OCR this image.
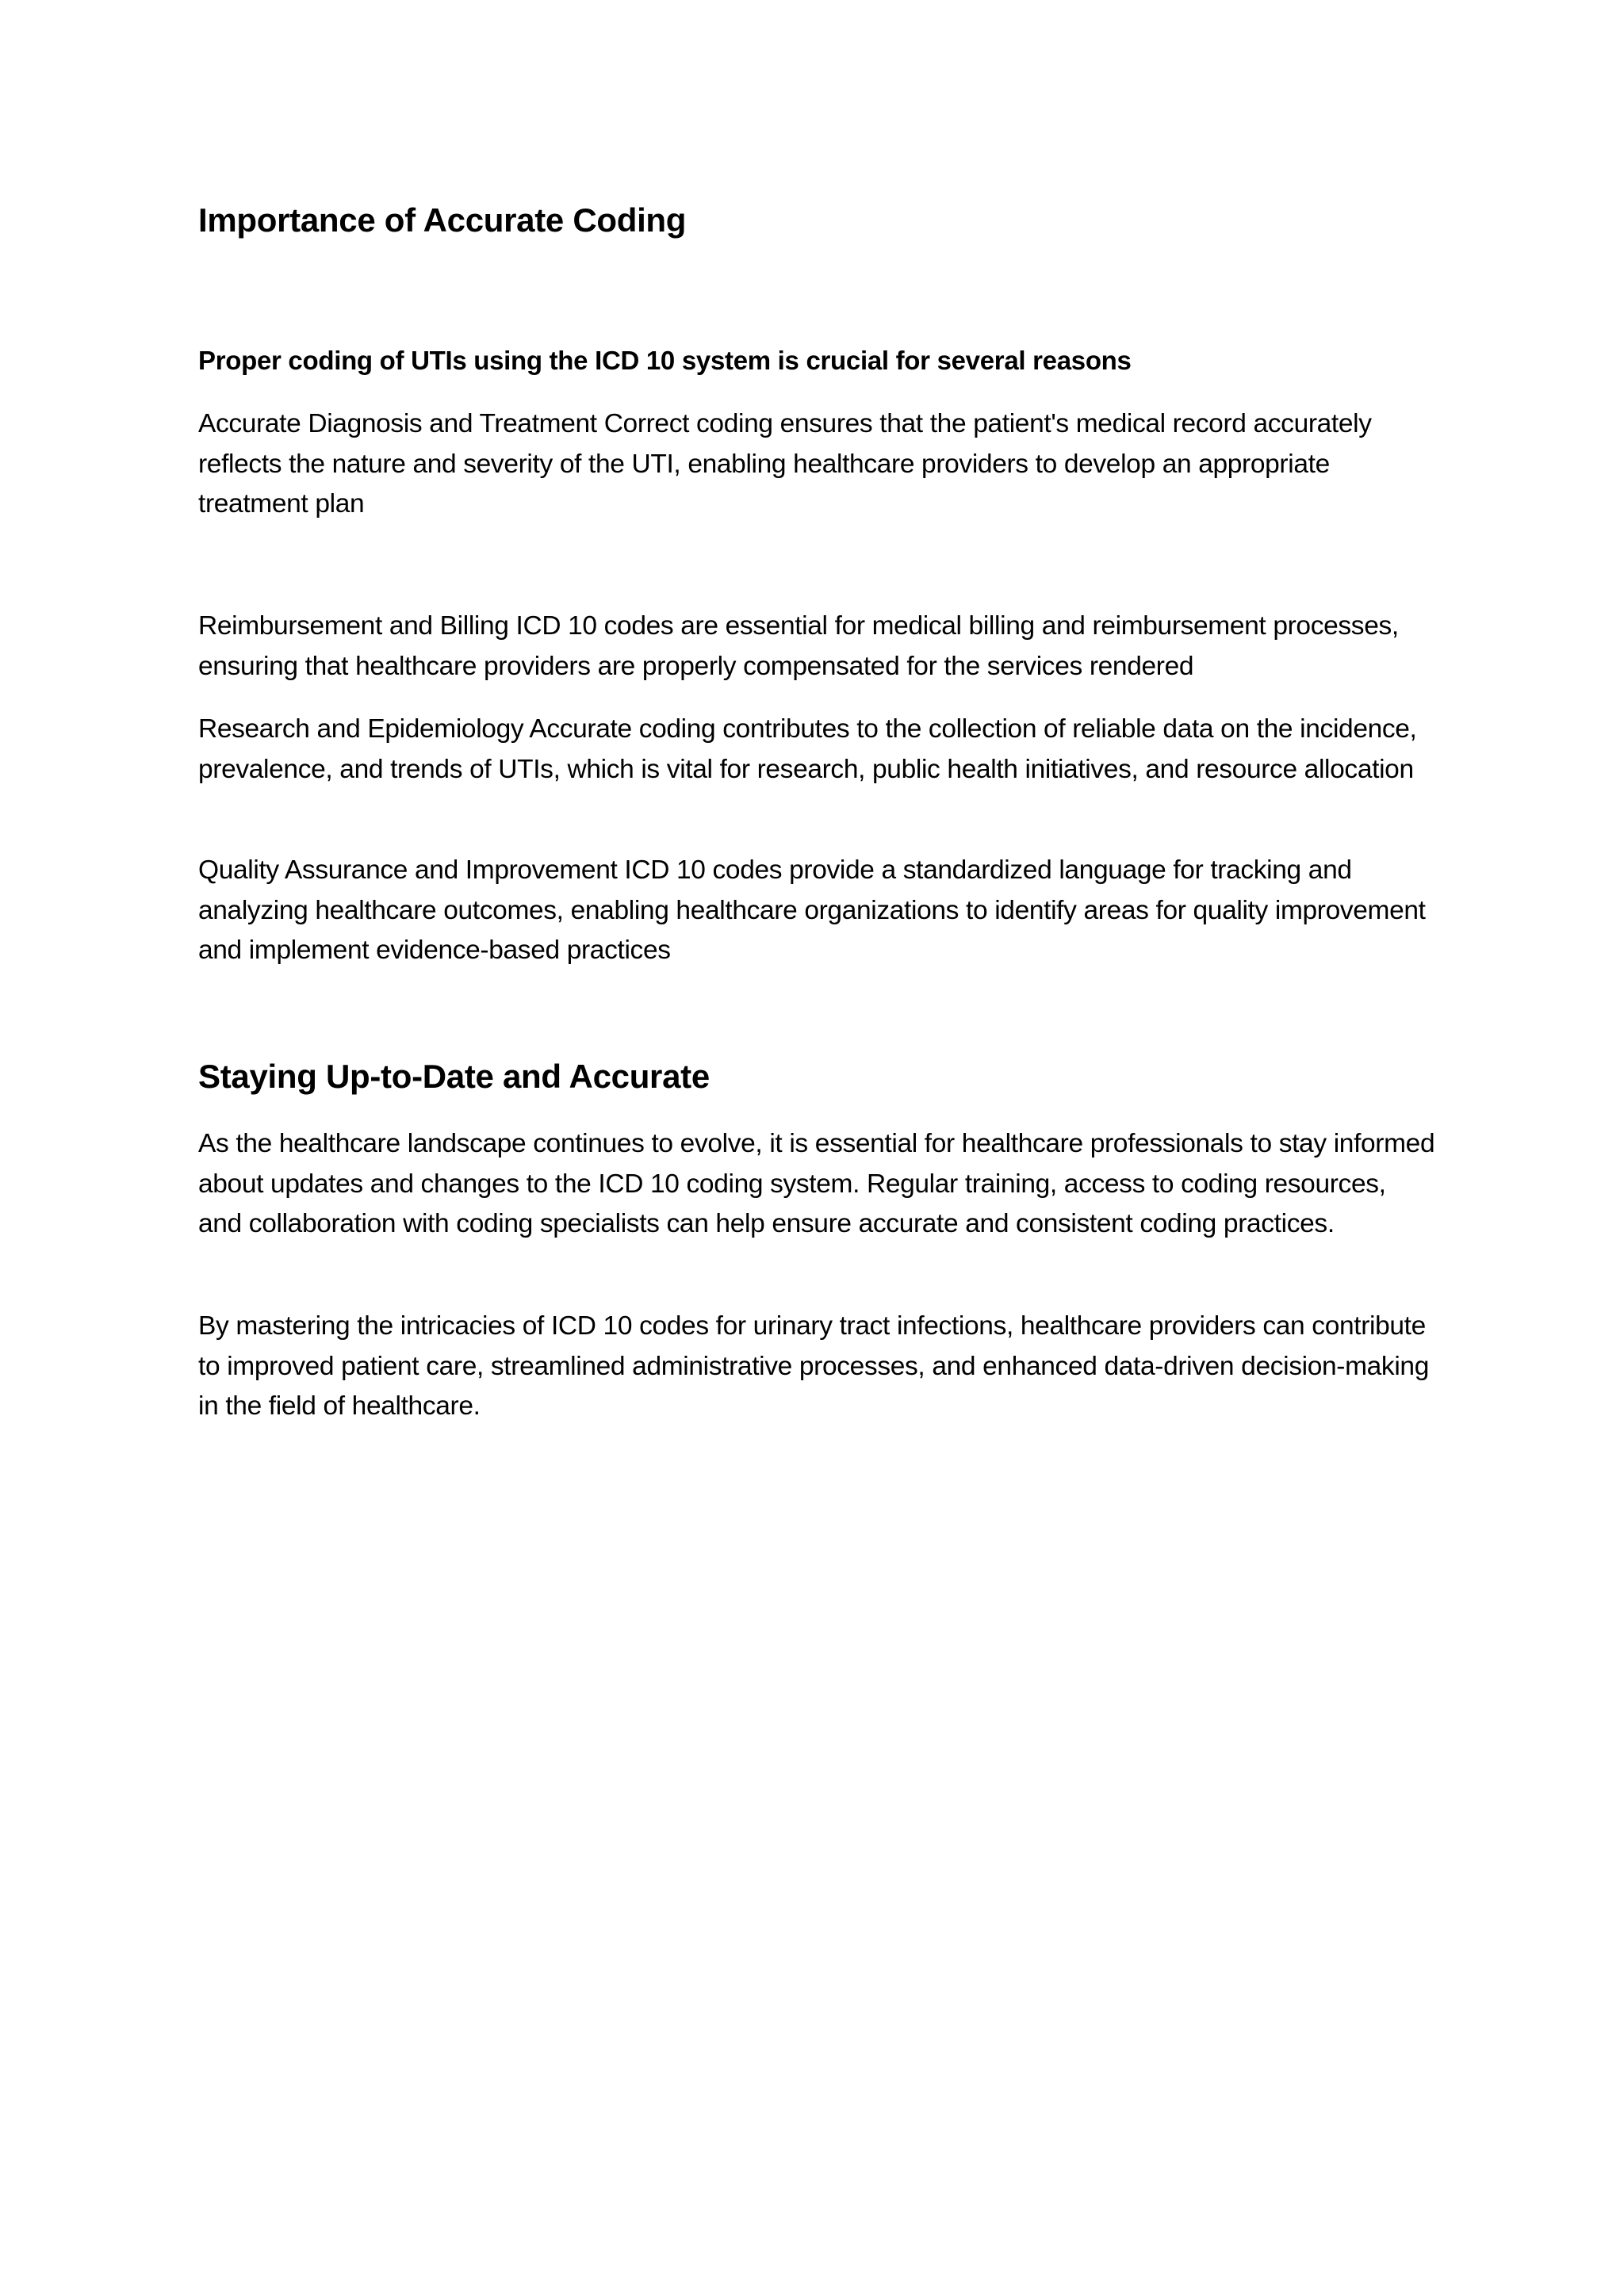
Importance of Accurate Coding
Proper coding of UTIs using the ICD 10 system is crucial for several reasons

Accurate Diagnosis and Treatment Correct coding ensures that the patient's medical record accurately reflects the nature and severity of the UTI, enabling healthcare providers to develop an appropriate treatment plan

Reimbursement and Billing ICD 10 codes are essential for medical billing and reimbursement processes, ensuring that healthcare providers are properly compensated for the services rendered

Research and Epidemiology Accurate coding contributes to the collection of reliable data on the incidence, prevalence, and trends of UTIs, which is vital for research, public health initiatives, and resource allocation

Quality Assurance and Improvement ICD 10 codes provide a standardized language for tracking and analyzing healthcare outcomes, enabling healthcare organizations to identify areas for quality improvement and implement evidence-based practices

Staying Up-to-Date and Accurate

As the healthcare landscape continues to evolve, it is essential for healthcare professionals to stay informed about updates and changes to the ICD 10 coding system. Regular training, access to coding resources, and collaboration with coding specialists can help ensure accurate and consistent coding practices.

By mastering the intricacies of ICD 10 codes for urinary tract infections, healthcare providers can contribute to improved patient care, streamlined administrative processes, and enhanced data-driven decision-making in the field of healthcare.
